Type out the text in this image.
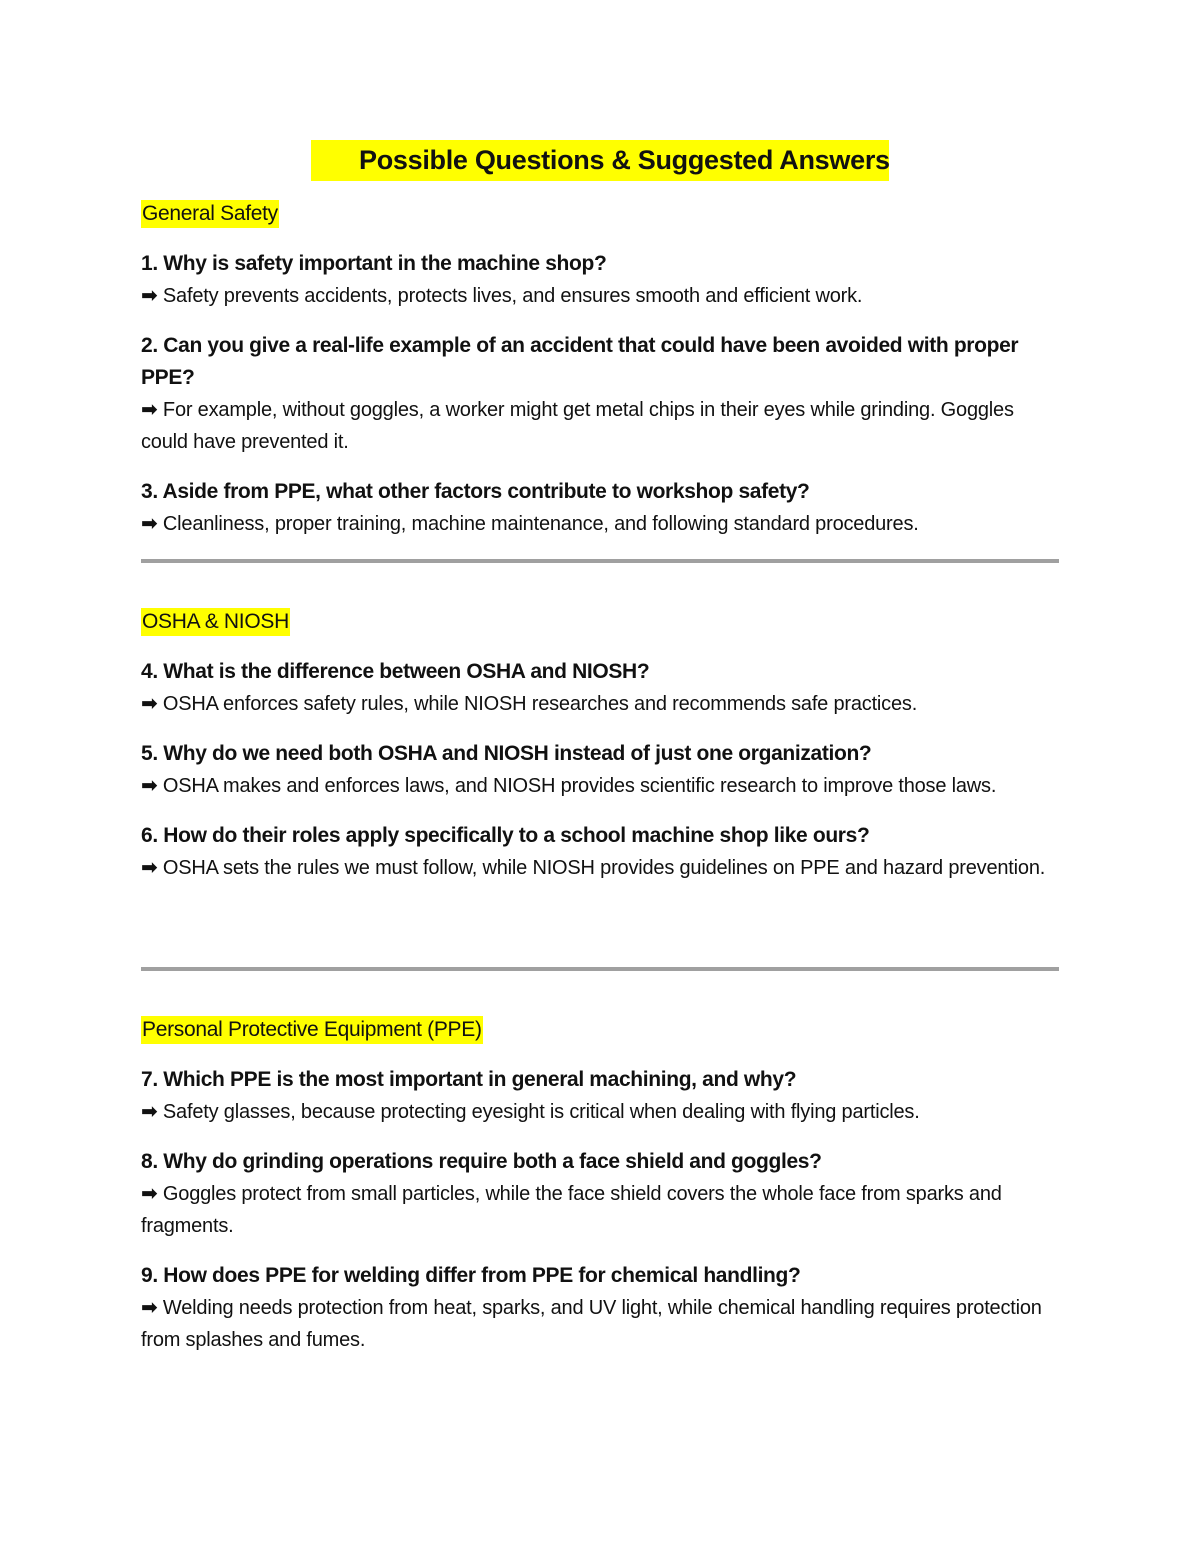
Possible Questions & Suggested Answers
General Safety
1. Why is safety important in the machine shop?
➡ Safety prevents accidents, protects lives, and ensures smooth and efficient work.
2. Can you give a real-life example of an accident that could have been avoided with proper PPE?
➡ For example, without goggles, a worker might get metal chips in their eyes while grinding. Goggles could have prevented it.
3. Aside from PPE, what other factors contribute to workshop safety?
➡ Cleanliness, proper training, machine maintenance, and following standard procedures.
OSHA & NIOSH
4. What is the difference between OSHA and NIOSH?
➡ OSHA enforces safety rules, while NIOSH researches and recommends safe practices.
5. Why do we need both OSHA and NIOSH instead of just one organization?
➡ OSHA makes and enforces laws, and NIOSH provides scientific research to improve those laws.
6. How do their roles apply specifically to a school machine shop like ours?
➡ OSHA sets the rules we must follow, while NIOSH provides guidelines on PPE and hazard prevention.
Personal Protective Equipment (PPE)
7. Which PPE is the most important in general machining, and why?
➡ Safety glasses, because protecting eyesight is critical when dealing with flying particles.
8. Why do grinding operations require both a face shield and goggles?
➡ Goggles protect from small particles, while the face shield covers the whole face from sparks and fragments.
9. How does PPE for welding differ from PPE for chemical handling?
➡ Welding needs protection from heat, sparks, and UV light, while chemical handling requires protection from splashes and fumes.
